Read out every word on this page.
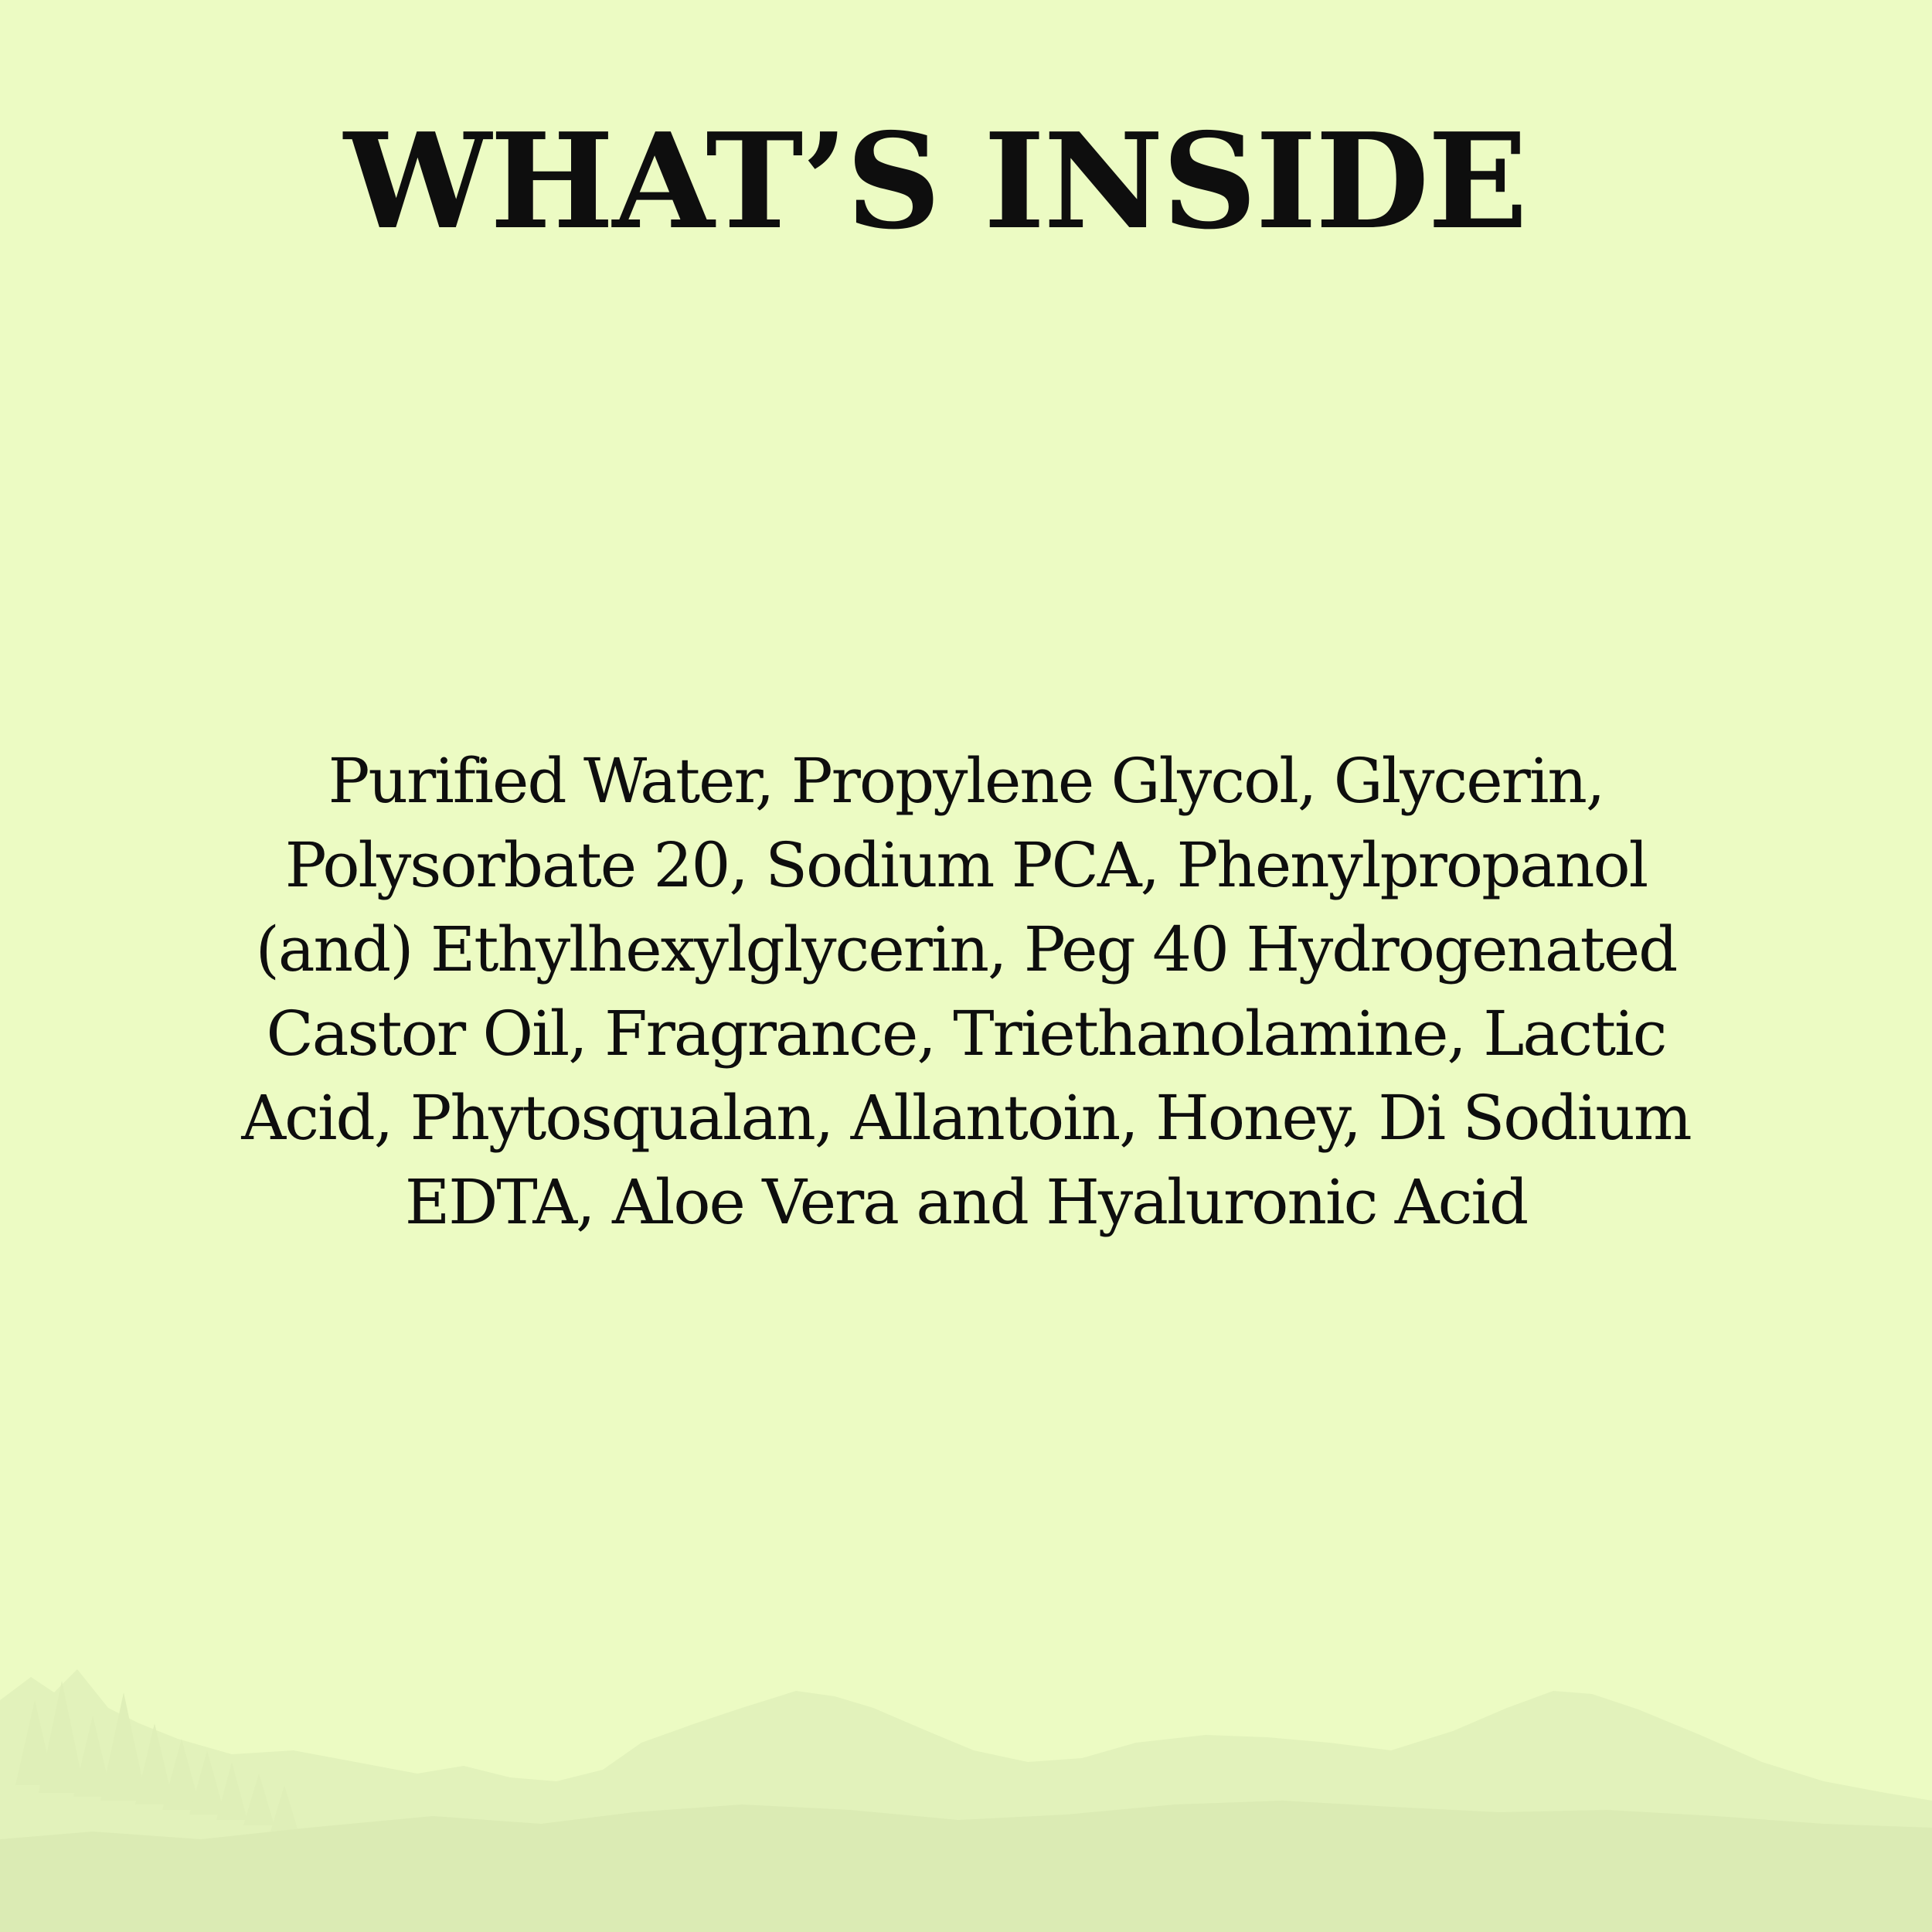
WHAT’S INSIDE
Purified Water, Propylene Glycol, Glycerin,
Polysorbate 20, Sodium PCA, Phenylpropanol
(and) Ethylhexylglycerin, Peg 40 Hydrogenated
Castor Oil, Fragrance, Triethanolamine, Lactic
Acid, Phytosqualan, Allantoin, Honey, Di Sodium
EDTA, Aloe Vera and Hyaluronic Acid
